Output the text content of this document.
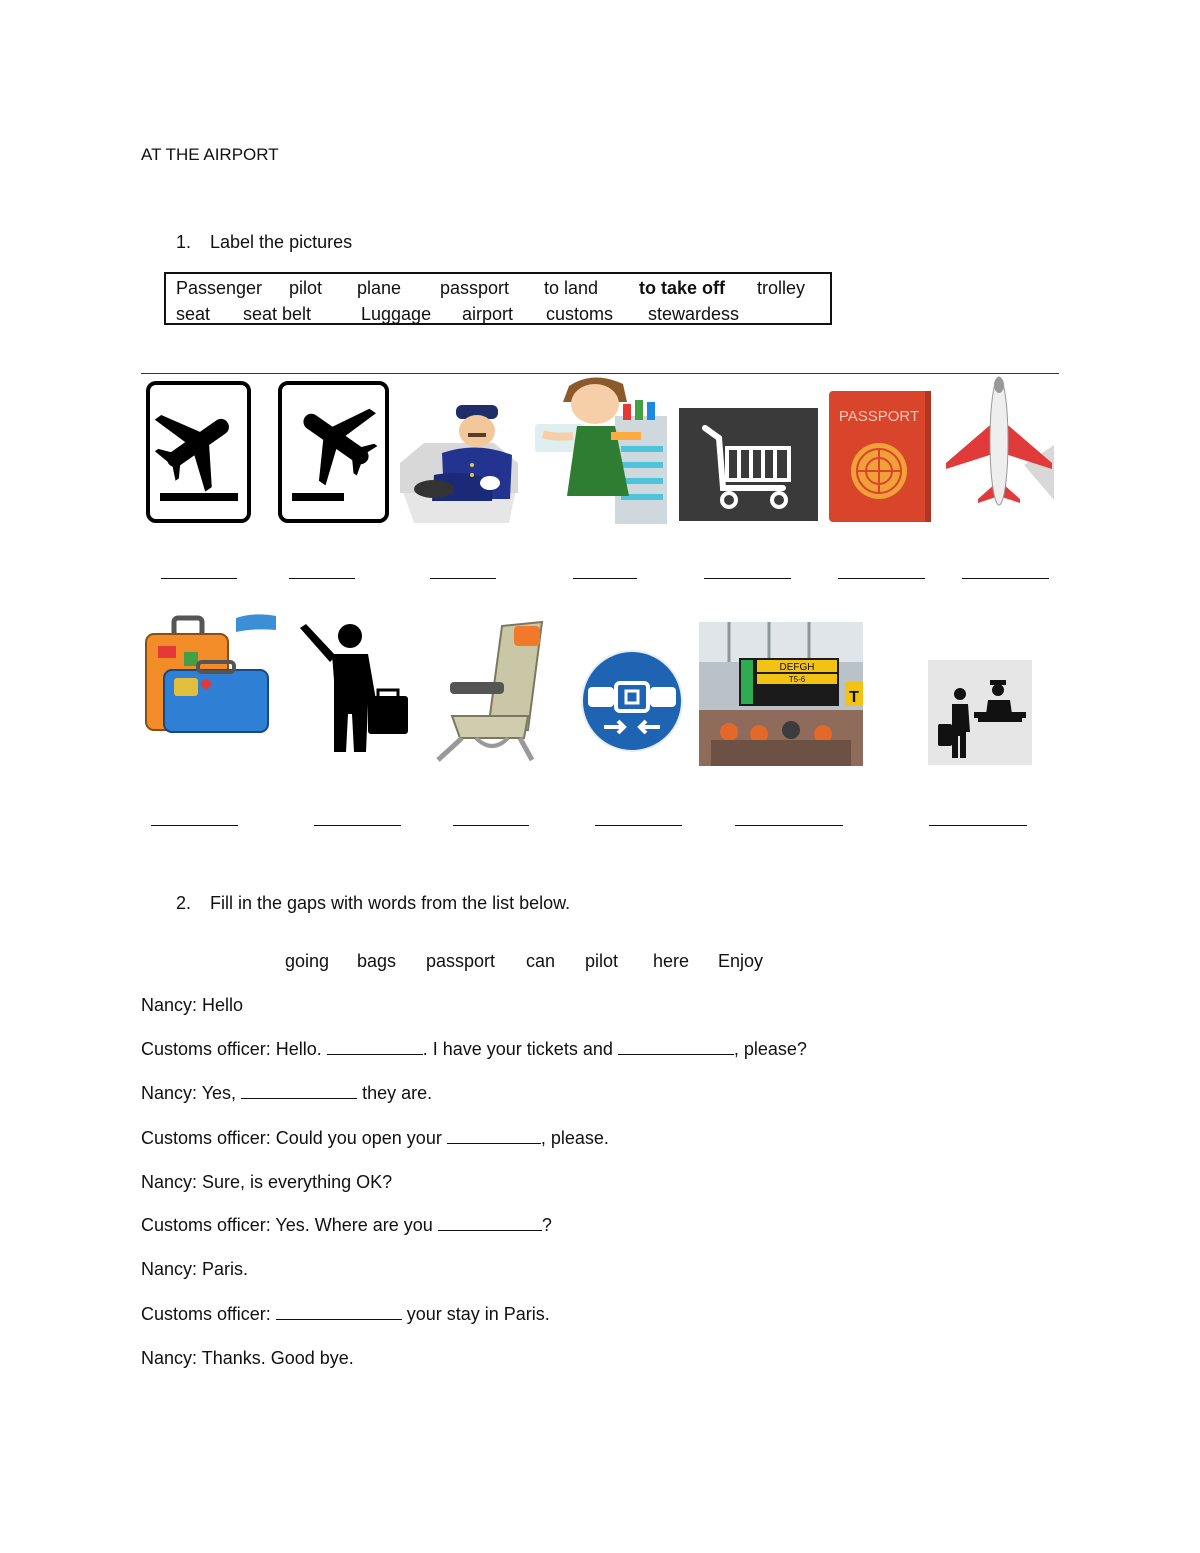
AT THE AIRPORT
1. Label the pictures
Passenger pilot plane passport to land to take off trolley
seat seat belt	Luggage airport customs stewardess
PASSPORT
DEFGH
T5-6
T
2. Fill in the gaps with words from the list below.
going bags passport can pilot here Enjoy
Nancy: Hello
Customs officer: Hello.	. I have your tickets and	, please?
Nancy: Yes,	they are.
Customs officer: Could you open your	, please.
Nancy: Sure, is everything OK?
Customs officer: Yes. Where are you	?
Nancy: Paris.
Customs officer:	your stay in Paris.
Nancy: Thanks. Good bye.
